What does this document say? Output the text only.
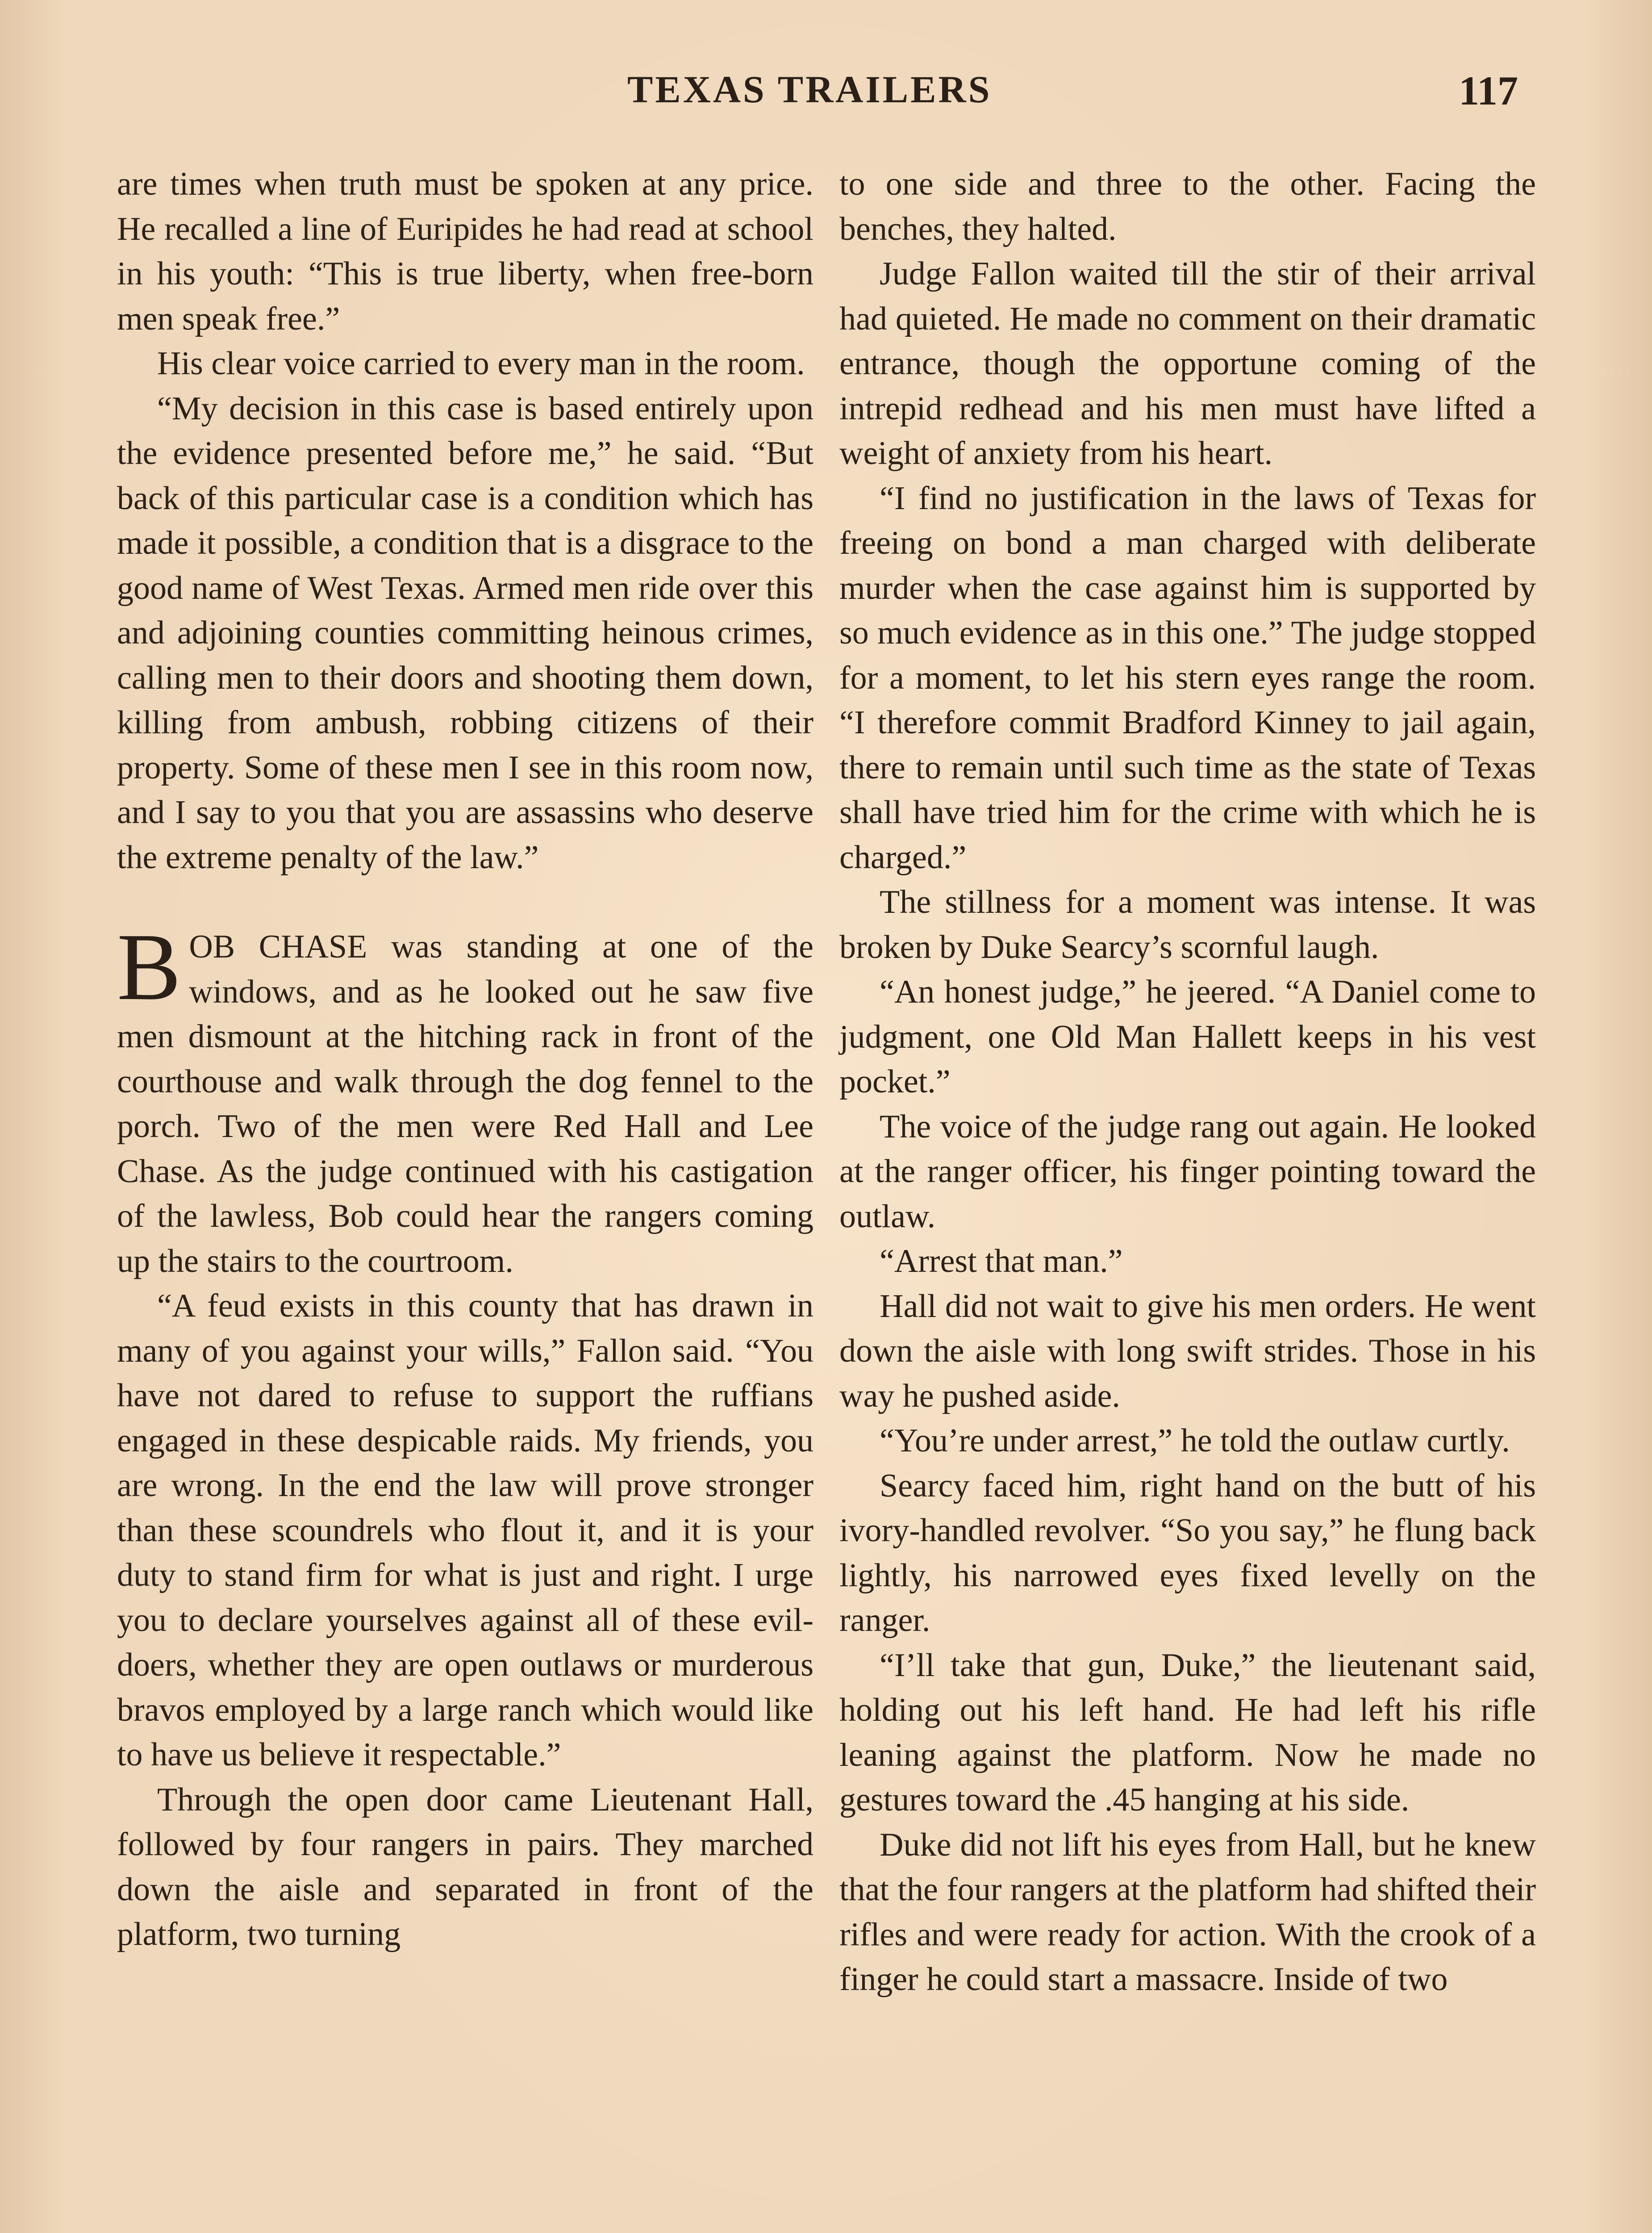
TEXAS TRAILERS	117

are times when truth must be spoken at any price. He recalled a line of Euripides he had read at school in his youth: “This is true liberty, when free-born men speak free.”

His clear voice carried to every man in the room.

“My decision in this case is based entirely upon the evidence presented before me,” he said. “But back of this particular case is a condition which has made it possible, a condition that is a disgrace to the good name of West Texas. Armed men ride over this and adjoining counties committing heinous crimes, calling men to their doors and shooting them down, killing from ambush, robbing citizens of their property. Some of these men I see in this room now, and I say to you that you are assassins who deserve the extreme penalty of the law.”

BOB CHASE was standing at one of the windows, and as he looked out he saw five men dismount at the hitching rack in front of the courthouse and walk through the dog fennel to the porch. Two of the men were Red Hall and Lee Chase. As the judge continued with his castigation of the lawless, Bob could hear the rangers coming up the stairs to the courtroom.

“A feud exists in this county that has drawn in many of you against your wills,” Fallon said. “You have not dared to refuse to support the ruffians engaged in these despicable raids. My friends, you are wrong. In the end the law will prove stronger than these scoundrels who flout it, and it is your duty to stand firm for what is just and right. I urge you to declare yourselves against all of these evil-doers, whether they are open outlaws or murderous bravos employed by a large ranch which would like to have us believe it respectable.”

Through the open door came Lieutenant Hall, followed by four rangers in pairs. They marched down the aisle and separated in front of the platform, two turning

to one side and three to the other. Facing the benches, they halted.

Judge Fallon waited till the stir of their arrival had quieted. He made no comment on their dramatic entrance, though the opportune coming of the intrepid redhead and his men must have lifted a weight of anxiety from his heart.

“I find no justification in the laws of Texas for freeing on bond a man charged with deliberate murder when the case against him is supported by so much evidence as in this one.” The judge stopped for a moment, to let his stern eyes range the room. “I therefore commit Bradford Kinney to jail again, there to remain until such time as the state of Texas shall have tried him for the crime with which he is charged.”

The stillness for a moment was intense. It was broken by Duke Searcy’s scornful laugh.

“An honest judge,” he jeered. “A Daniel come to judgment, one Old Man Hallett keeps in his vest pocket.”

The voice of the judge rang out again. He looked at the ranger officer, his finger pointing toward the outlaw.

“Arrest that man.”

Hall did not wait to give his men orders. He went down the aisle with long swift strides. Those in his way he pushed aside.

“You’re under arrest,” he told the outlaw curtly.

Searcy faced him, right hand on the butt of his ivory-handled revolver. “So you say,” he flung back lightly, his narrowed eyes fixed levelly on the ranger.

“I’ll take that gun, Duke,” the lieutenant said, holding out his left hand. He had left his rifle leaning against the platform. Now he made no gestures toward the .45 hanging at his side.

Duke did not lift his eyes from Hall, but he knew that the four rangers at the platform had shifted their rifles and were ready for action. With the crook of a finger he could start a massacre. Inside of two
